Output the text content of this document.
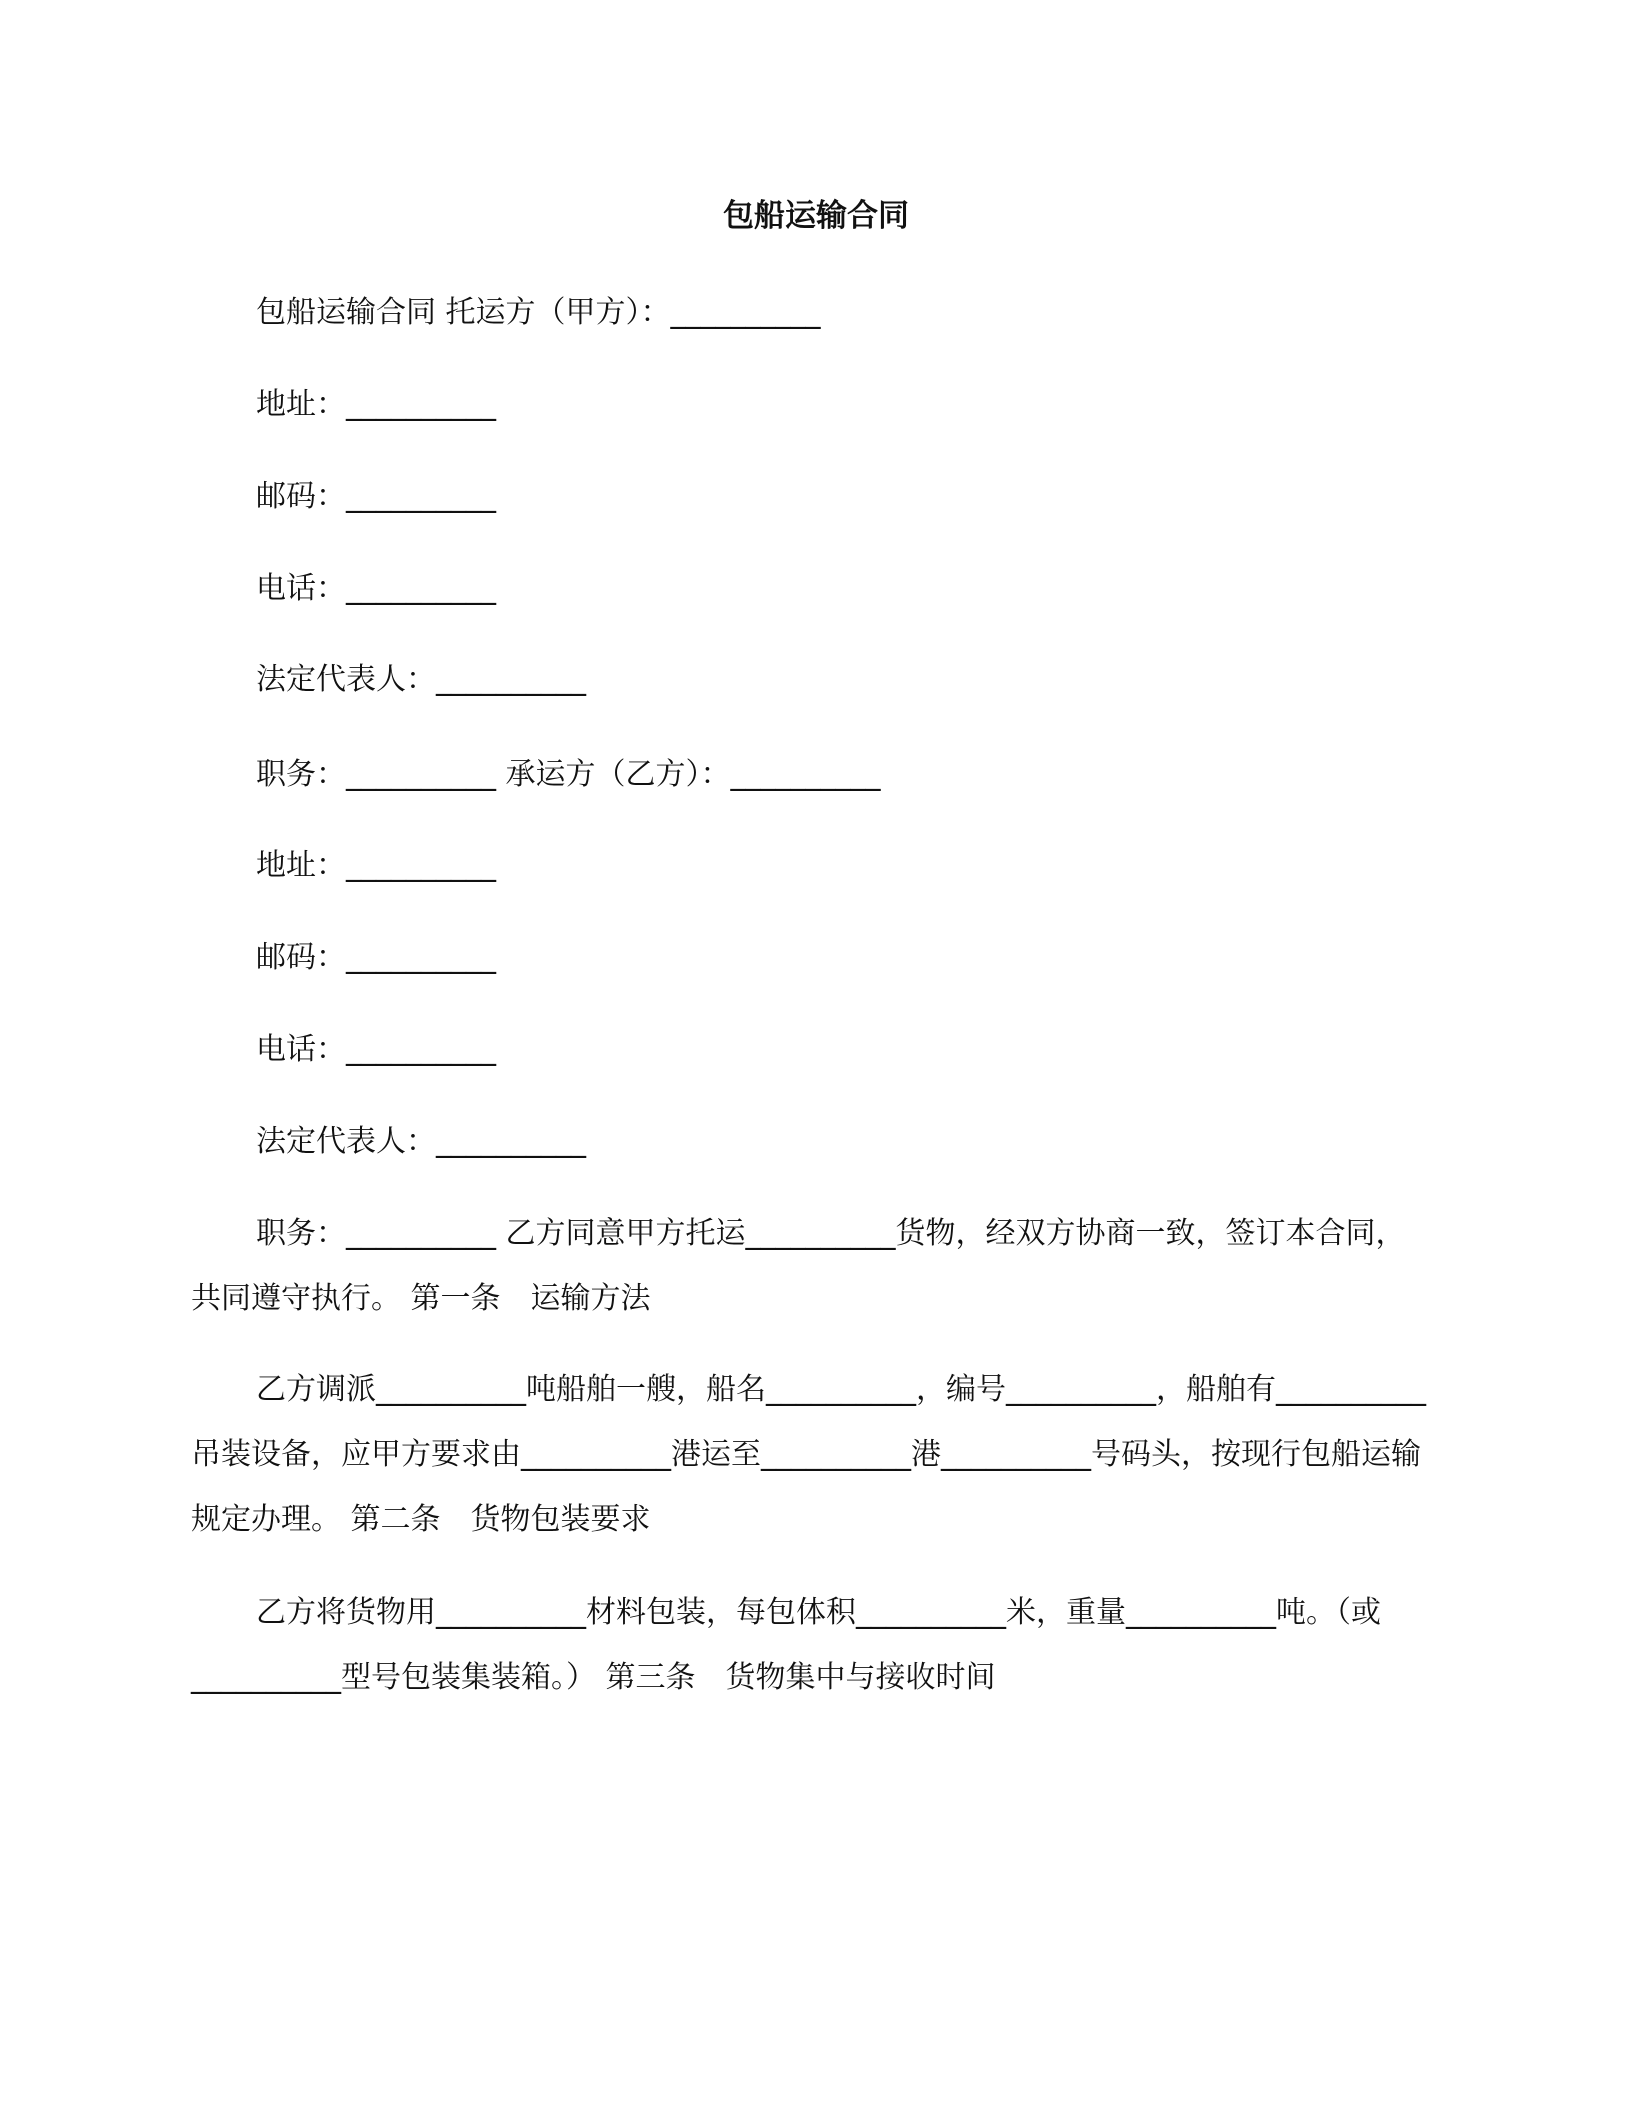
包船运输合同
包船运输合同 托运方（甲方）：__________
地址：__________
邮码：__________
电话：__________
法定代表人：__________
职务：__________ 承运方（乙方）：__________
地址：__________
邮码：__________
电话：__________
法定代表人：__________
职务：__________ 乙方同意甲方托运__________货物，经双方协商一致，签订本合同，共同遵守执行。 第一条　运输方法
乙方调派__________吨船舶一艘，船名__________，编号__________，船舶有__________吊装设备，应甲方要求由__________港运至__________港__________号码头，按现行包船运输规定办理。 第二条　货物包装要求
乙方将货物用__________材料包装，每包体积__________米，重量__________吨。（或__________型号包装集装箱。） 第三条　货物集中与接收时间
